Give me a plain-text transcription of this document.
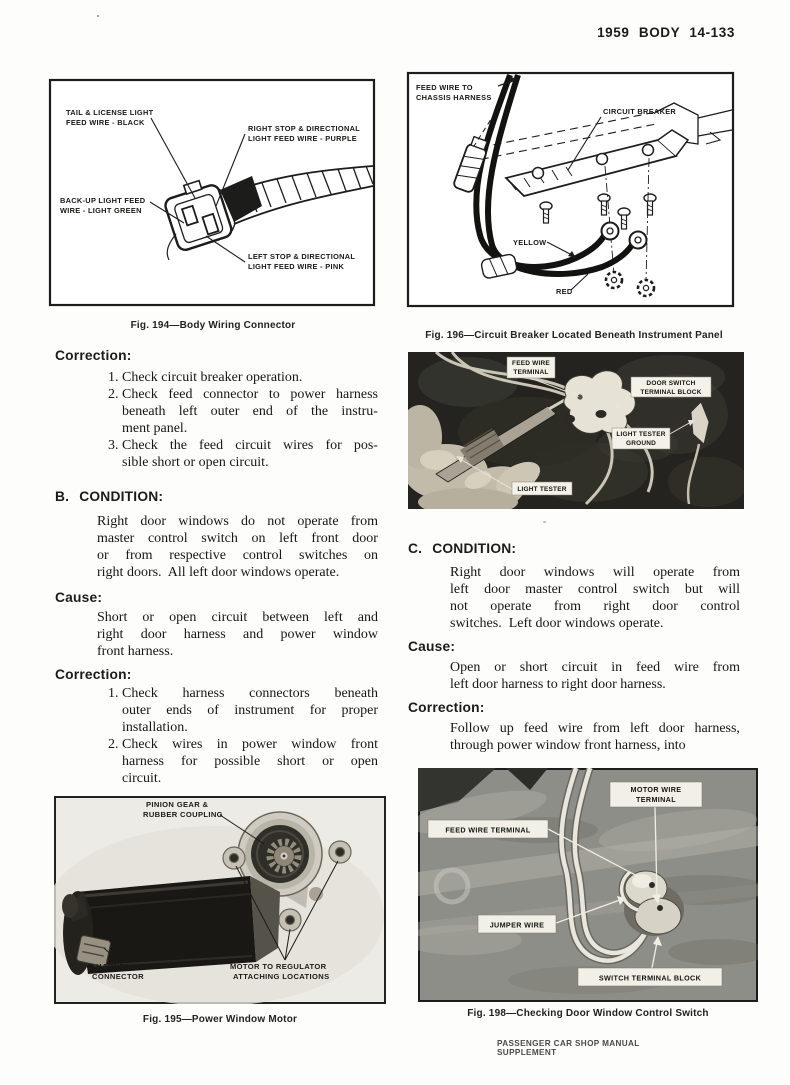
1959 BODY 14-133
PASSENGER CAR SHOP MANUAL SUPPLEMENT
TAIL & LICENSE LIGHT
FEED WIRE - BLACK
RIGHT STOP & DIRECTIONAL
LIGHT FEED WIRE - PURPLE
BACK-UP LIGHT FEED
WIRE - LIGHT GREEN
LEFT STOP & DIRECTIONAL
LIGHT FEED WIRE - PINK
Fig. 194—Body Wiring Connector
FEED WIRE TO
CHASSIS HARNESS
CIRCUIT BREAKER
YELLOW
RED
Fig. 196—Circuit Breaker Located Beneath Instrument Panel
FEED WIRE
TERMINAL
DOOR SWITCH
TERMINAL BLOCK
LIGHT TESTER
GROUND
LIGHT TESTER
PINION GEAR &
RUBBER COUPLING
HARNESS
CONNECTOR
MOTOR TO REGULATOR
ATTACHING LOCATIONS
Fig. 195—Power Window Motor
MOTOR WIRE
TERMINAL
FEED WIRE TERMINAL
JUMPER WIRE
SWITCH TERMINAL BLOCK
Fig. 198—Checking Door Window Control Switch
Correction:
1. Check circuit breaker operation.
2. Check feed connector to power harness
beneath left outer end of the instru-
ment panel.
3. Check the feed circuit wires for pos-
sible short or open circuit.
B. CONDITION:
Right door windows do not operate from
master control switch on left front door
or from respective control switches on
right doors.  All left door windows operate.
Cause:
Short or open circuit between left and
right door harness and power window
front harness.
Correction:
1. Check harness connectors beneath
outer ends of instrument for proper
installation.
2. Check wires in power window front
harness for possible short or open
circuit.
C. CONDITION:
Right door windows will operate from
left door master control switch but will
not operate from right door control
switches.  Left door windows operate.
Cause:
Open or short circuit in feed wire from
left door harness to right door harness.
Correction:
Follow up feed wire from left door harness,
through power window front harness, into
